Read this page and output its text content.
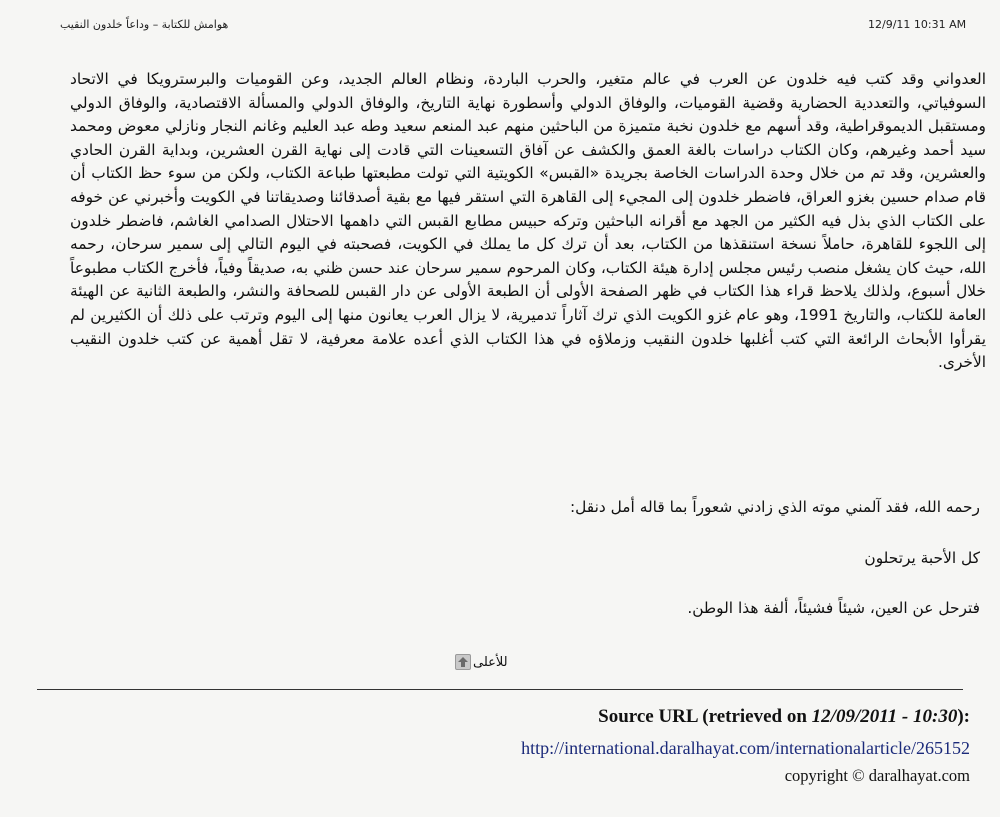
هوامش للكتابة – وداعاً خلدون النقيب	12/9/11 10:31 AM

العدواني وقد كتب فيه خلدون عن العرب في عالم متغير، والحرب الباردة، ونظام العالم الجديد، وعن القوميات والبرسترويكا في الاتحاد السوفياتي، والتعددية الحضارية وقضية القوميات، والوفاق الدولي وأسطورة نهاية التاريخ، والوفاق الدولي والمسألة الاقتصادية، والوفاق الدولي ومستقبل الديموقراطية، وقد أسهم مع خلدون نخبة متميزة من الباحثين منهم عبد المنعم سعيد وطه عبد العليم وغانم النجار ونازلي معوض ومحمد سيد أحمد وغيرهم، وكان الكتاب دراسات بالغة العمق والكشف عن آفاق التسعينات التي قادت إلى نهاية القرن العشرين، وبداية القرن الحادي والعشرين، وقد تم من خلال وحدة الدراسات الخاصة بجريدة «القبس» الكويتية التي تولت مطبعتها طباعة الكتاب، ولكن من سوء حظ الكتاب أن قام صدام حسين بغزو العراق، فاضطر خلدون إلى المجيء إلى القاهرة التي استقر فيها مع بقية أصدقائنا وصديقاتنا في الكويت وأخبرني عن خوفه على الكتاب الذي بذل فيه الكثير من الجهد مع أقرانه الباحثين وتركه حبيس مطابع القبس التي داهمها الاحتلال الصدامي الغاشم، فاضطر خلدون إلى اللجوء للقاهرة، حاملاً نسخة استنقذها من الكتاب، بعد أن ترك كل ما يملك في الكويت، فصحبته في اليوم التالي إلى سمير سرحان، رحمه الله، حيث كان يشغل منصب رئيس مجلس إدارة هيئة الكتاب، وكان المرحوم سمير سرحان عند حسن ظني به، صديقاً وفياً، فأخرج الكتاب مطبوعاً خلال أسبوع، ولذلك يلاحظ قراء هذا الكتاب في ظهر الصفحة الأولى أن الطبعة الأولى عن دار القبس للصحافة والنشر، والطبعة الثانية عن الهيئة العامة للكتاب، والتاريخ 1991، وهو عام غزو الكويت الذي ترك آثاراً تدميرية، لا يزال العرب يعانون منها إلى اليوم وترتب على ذلك أن الكثيرين لم يقرأوا الأبحاث الرائعة التي كتب أغلبها خلدون النقيب وزملاؤه في هذا الكتاب الذي أعده علامة معرفية، لا تقل أهمية عن كتب خلدون النقيب الأخرى.

رحمه الله، فقد آلمني موته الذي زادني شعوراً بما قاله أمل دنقل:
كل الأحبة يرتحلون
فترحل عن العين، شيئاً فشيئاً، ألفة هذا الوطن.
للأعلى
Source URL (retrieved on 12/09/2011 - 10:30):
http://international.daralhayat.com/internationalarticle/265152
copyright © daralhayat.com
